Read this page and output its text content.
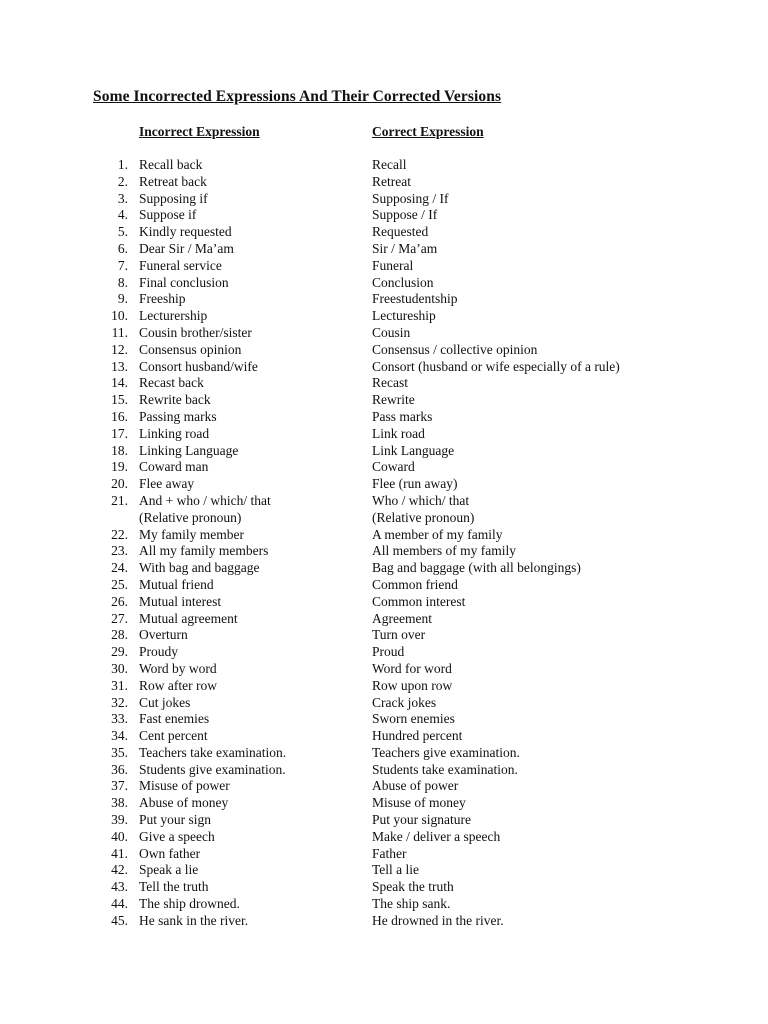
Some Incorrected Expressions And Their Corrected Versions
Incorrect Expression	Correct Expression
1. Recall back	Recall
2. Retreat back	Retreat
3. Supposing if	Supposing / If
4. Suppose if	Suppose / If
5. Kindly requested	Requested
6. Dear Sir / Ma’am	Sir / Ma’am
7. Funeral service	Funeral
8. Final conclusion	Conclusion
9. Freeship	Freestudentship
10. Lecturership	Lectureship
11. Cousin brother/sister	Cousin
12. Consensus opinion	Consensus / collective opinion
13. Consort husband/wife	Consort (husband or wife especially of a rule)
14. Recast back	Recast
15. Rewrite back	Rewrite
16. Passing marks	Pass marks
17. Linking road	Link road
18. Linking Language	Link Language
19. Coward man	Coward
20. Flee away	Flee (run away)
21. And + who / which/ that	Who / which/ that
(Relative pronoun)	(Relative pronoun)
22. My family member	A member of my family
23. All my family members	All members of my family
24. With bag and baggage	Bag and baggage (with all belongings)
25. Mutual friend	Common friend
26. Mutual interest	Common interest
27. Mutual agreement	Agreement
28. Overturn	Turn over
29. Proudy	Proud
30. Word by word	Word for word
31. Row after row	Row upon row
32. Cut jokes	Crack jokes
33. Fast enemies	Sworn enemies
34. Cent percent	Hundred percent
35. Teachers take examination.	Teachers give examination.
36. Students give examination.	Students take examination.
37. Misuse of power	Abuse of power
38. Abuse of money	Misuse of money
39. Put your sign	Put your signature
40. Give a speech	Make / deliver a speech
41. Own father	Father
42. Speak a lie	Tell a lie
43. Tell the truth	Speak the truth
44. The ship drowned.	The ship sank.
45. He sank in the river.	He drowned in the river.
